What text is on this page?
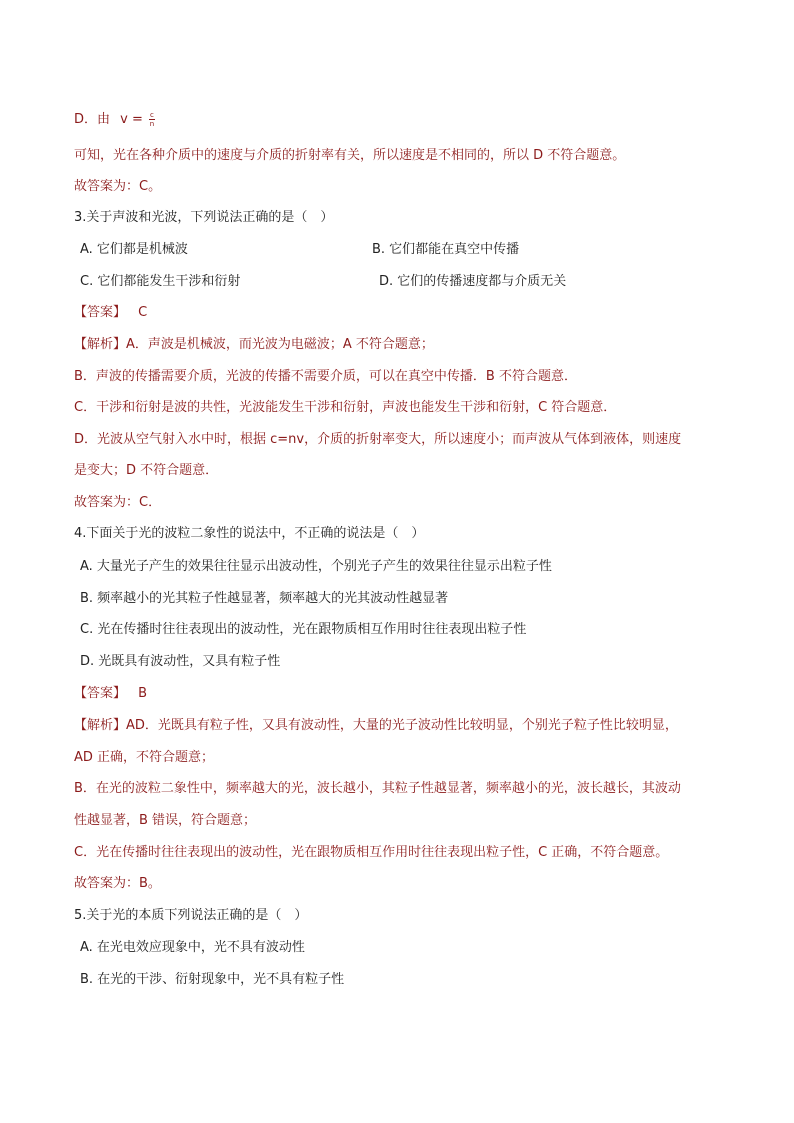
D．由 $v = \frac{c}{n}$
可知，光在各种介质中的速度与介质的折射率有关，所以速度是不相同的，所以 D 不符合题意。
故答案为：C。
3.关于声波和光波，下列说法正确的是（　）
A. 它们都是机械波	B. 它们都能在真空中传播
C. 它们都能发生干涉和衍射	D. 它们的传播速度都与介质无关
【答案】 C
【解析】A．声波是机械波，而光波为电磁波；A 不符合题意；
B．声波的传播需要介质，光波的传播不需要介质，可以在真空中传播．B 不符合题意．
C．干涉和衍射是波的共性，光波能发生干涉和衍射，声波也能发生干涉和衍射，C 符合题意．
D．光波从空气射入水中时，根据 c=nv，介质的折射率变大，所以速度小；而声波从气体到液体，则速度
是变大；D 不符合题意．
故答案为：C．
4.下面关于光的波粒二象性的说法中，不正确的说法是（　）
A. 大量光子产生的效果往往显示出波动性，个别光子产生的效果往往显示出粒子性
B. 频率越小的光其粒子性越显著，频率越大的光其波动性越显著
C. 光在传播时往往表现出的波动性，光在跟物质相互作用时往往表现出粒子性
D. 光既具有波动性，又具有粒子性
【答案】 B
【解析】AD．光既具有粒子性，又具有波动性，大量的光子波动性比较明显，个别光子粒子性比较明显，
AD 正确，不符合题意；
B．在光的波粒二象性中，频率越大的光，波长越小，其粒子性越显著，频率越小的光，波长越长，其波动
性越显著，B 错误，符合题意；
C．光在传播时往往表现出的波动性，光在跟物质相互作用时往往表现出粒子性，C 正确，不符合题意。
故答案为：B。
5.关于光的本质下列说法正确的是（　）
A. 在光电效应现象中，光不具有波动性
B. 在光的干涉、衍射现象中，光不具有粒子性
